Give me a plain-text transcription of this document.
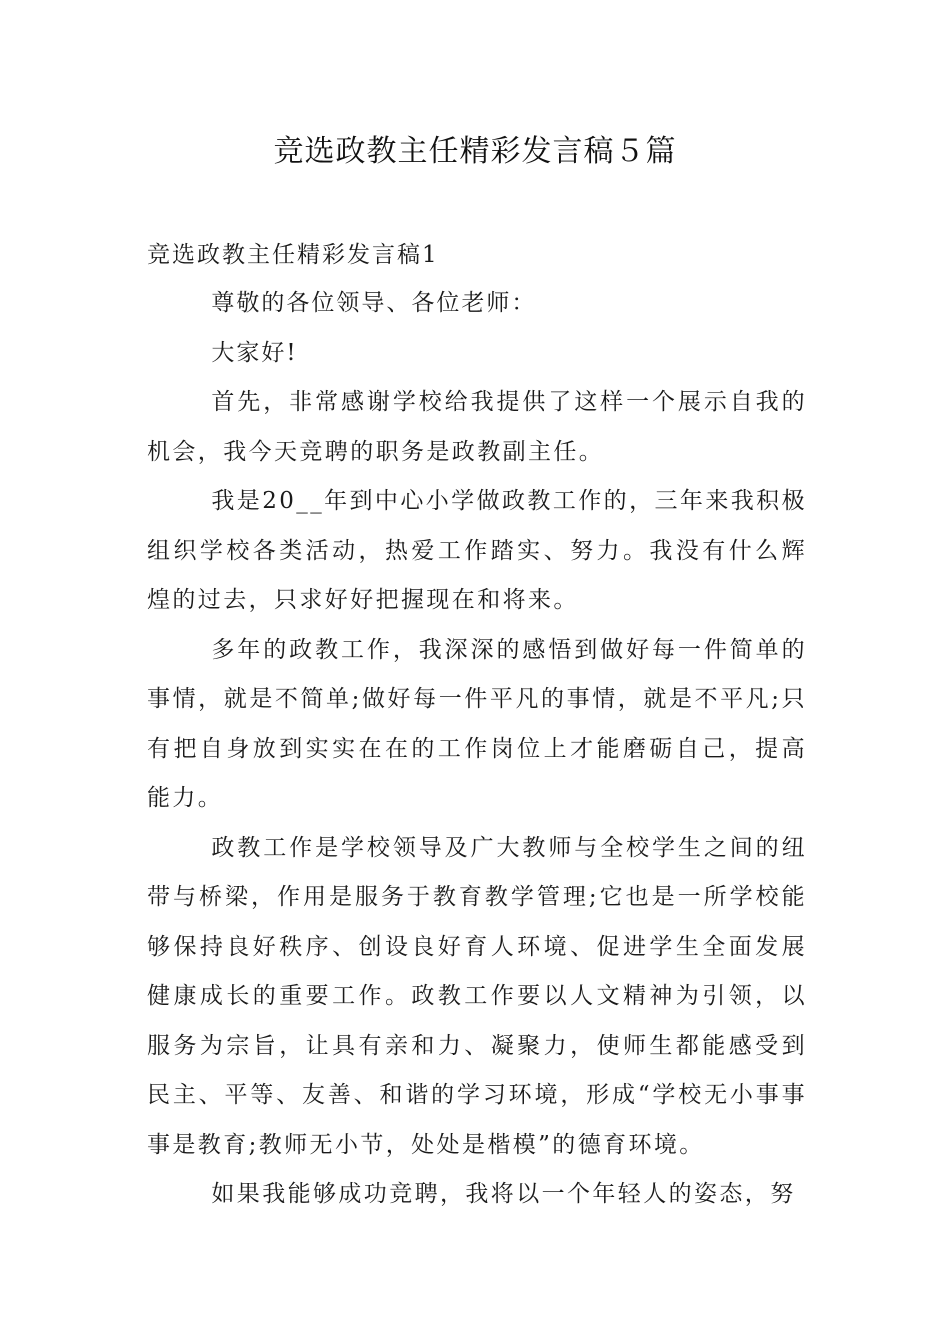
竞选政教主任精彩发言稿５篇
竞选政教主任精彩发言稿1

尊敬的各位领导、各位老师：

大家好!

首先，非常感谢学校给我提供了这样一个展示自我的机会，我今天竞聘的职务是政教副主任。

我是20__年到中心小学做政教工作的，三年来我积极组织学校各类活动，热爱工作踏实、努力。我没有什么辉煌的过去，只求好好把握现在和将来。

多年的政教工作，我深深的感悟到做好每一件简单的事情，就是不简单;做好每一件平凡的事情，就是不平凡;只有把自身放到实实在在的工作岗位上才能磨砺自己，提高能力。

政教工作是学校领导及广大教师与全校学生之间的纽带与桥梁，作用是服务于教育教学管理;它也是一所学校能够保持良好秩序、创设良好育人环境、促进学生全面发展健康成长的重要工作。政教工作要以人文精神为引领，以服务为宗旨，让具有亲和力、凝聚力，使师生都能感受到民主、平等、友善、和谐的学习环境，形成“学校无小事事事是教育;教师无小节，处处是楷模”的德育环境。

如果我能够成功竞聘，我将以一个年轻人的姿态，努
